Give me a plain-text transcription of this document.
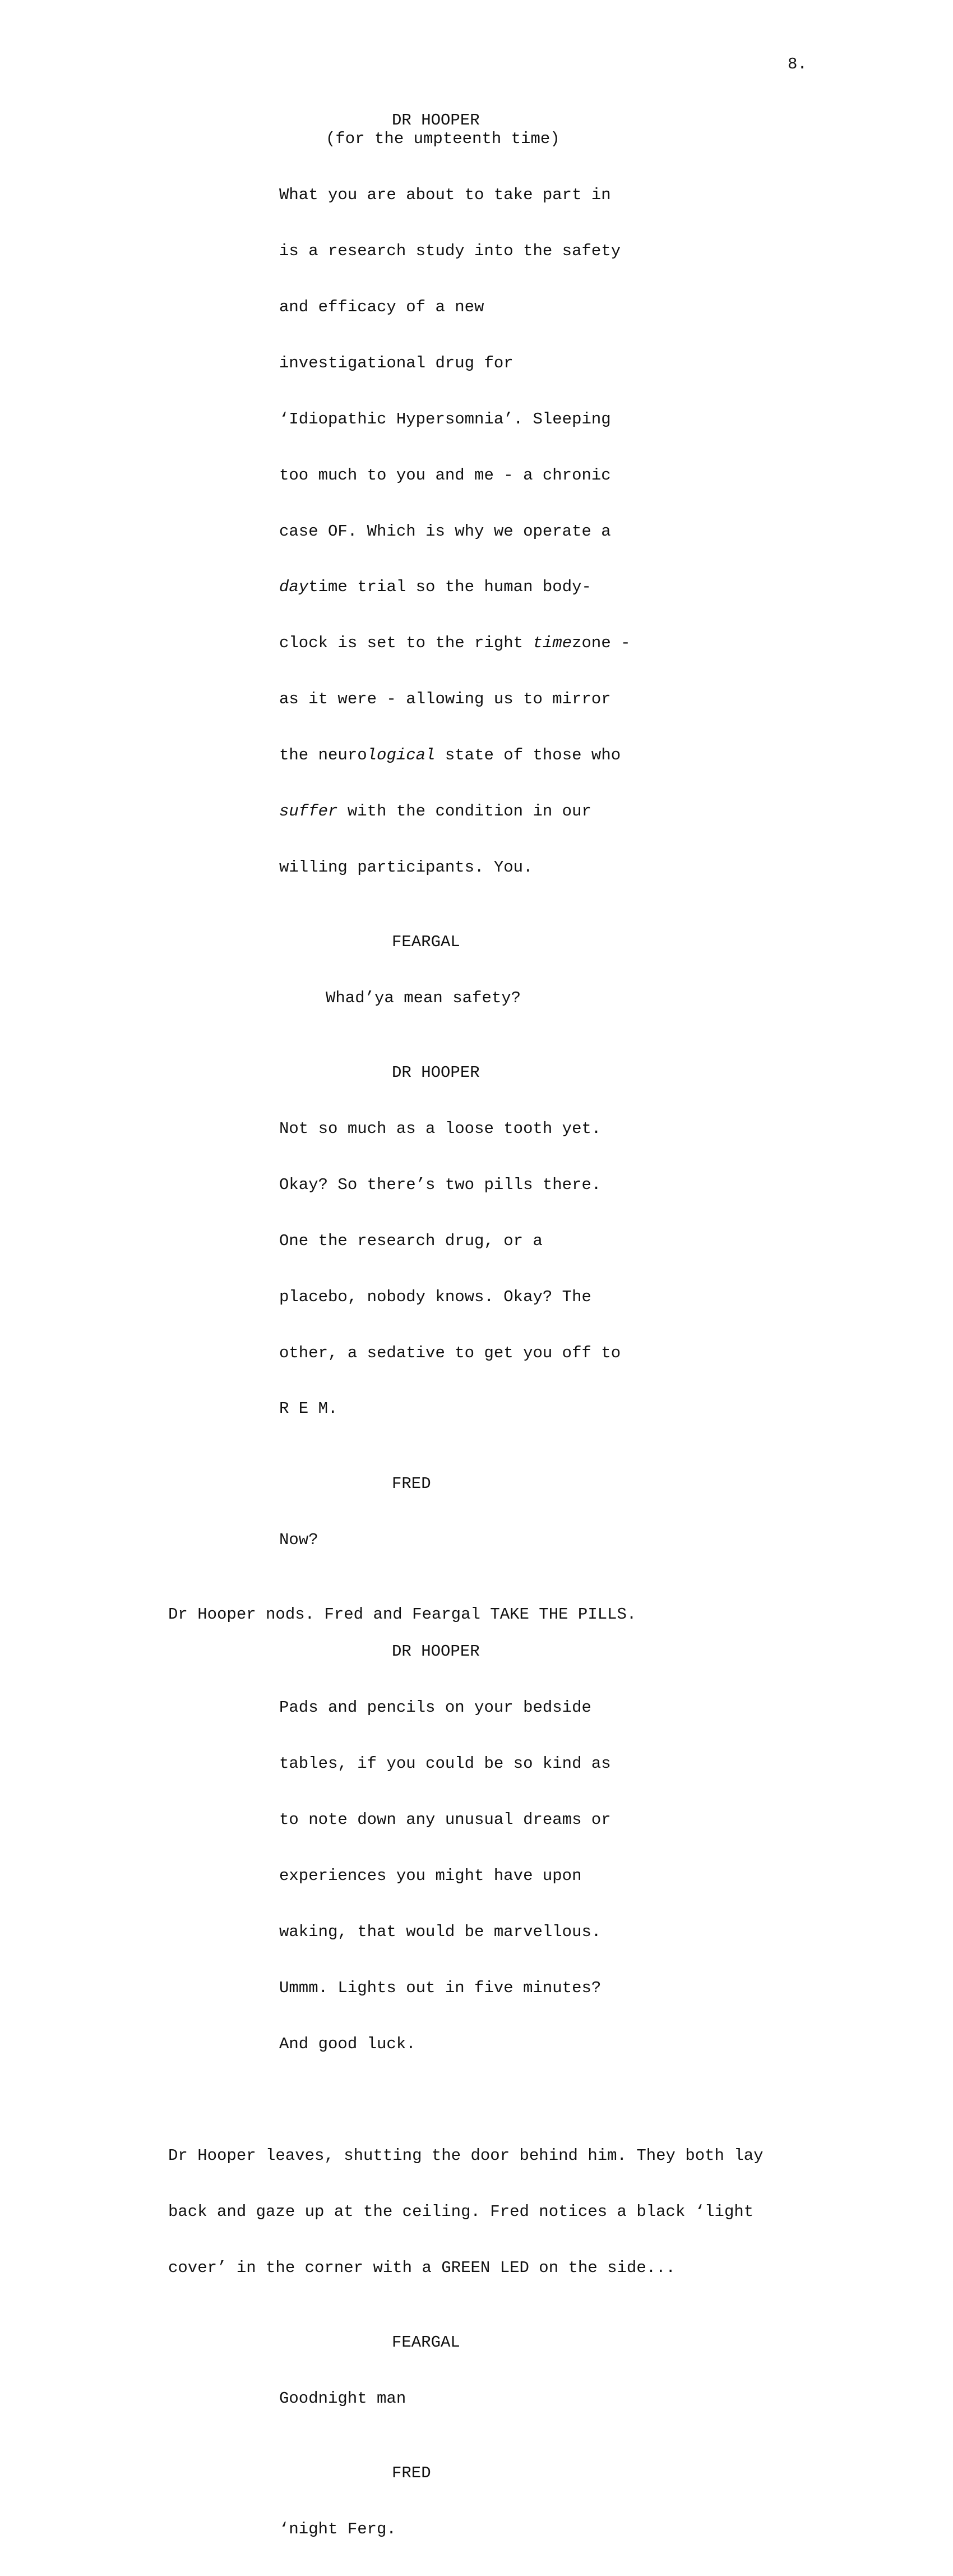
8.
DR HOOPER
(for the umpteenth time)

What you are about to take part in

is a research study into the safety

and efficacy of a new

investigational drug for

‘Idiopathic Hypersomnia’. Sleeping

too much to you and me - a chronic

case OF. Which is why we operate a

daytime trial so the human body-

clock is set to the right timezone -

as it were - allowing us to mirror

the neurological state of those who

suffer with the condition in our

willing participants. You.

FEARGAL

Whad’ya mean safety?

DR HOOPER

Not so much as a loose tooth yet.

Okay? So there’s two pills there.

One the research drug, or a

placebo, nobody knows. Okay? The

other, a sedative to get you off to

R E M.

FRED

Now?

Dr Hooper nods. Fred and Feargal TAKE THE PILLS.
DR HOOPER

Pads and pencils on your bedside

tables, if you could be so kind as

to note down any unusual dreams or

experiences you might have upon

waking, that would be marvellous.

Ummm. Lights out in five minutes?

And good luck.

Dr Hooper leaves, shutting the door behind him. They both lay

back and gaze up at the ceiling. Fred notices a black ‘light

cover’ in the corner with a GREEN LED on the side...

FEARGAL

Goodnight man

FRED

‘night Ferg.
